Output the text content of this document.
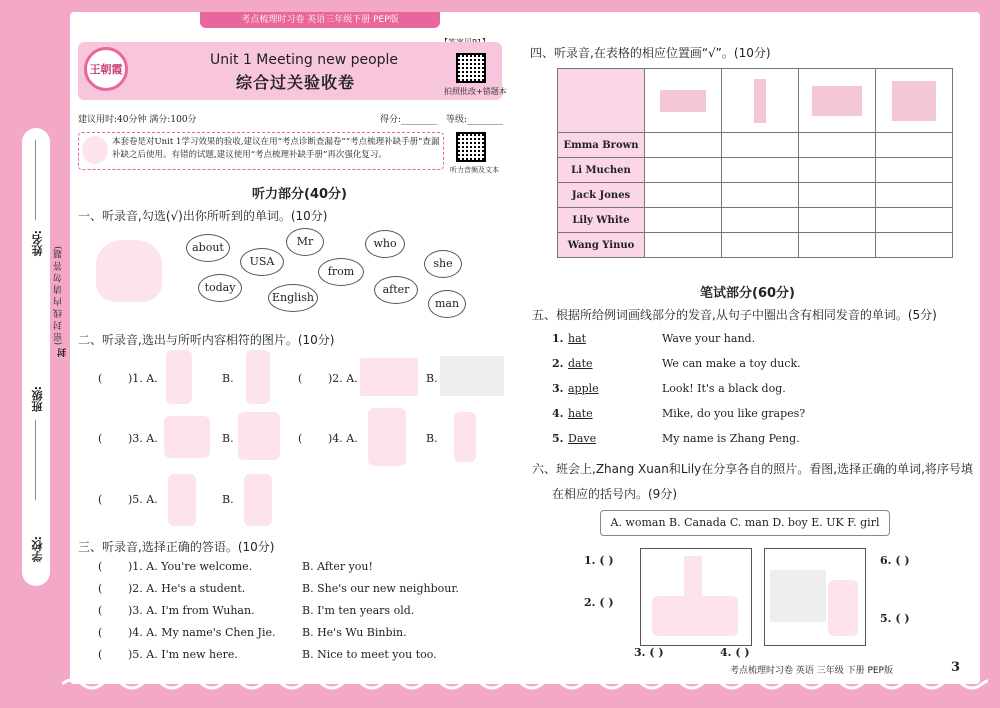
姓名:
(密 封 线 内 请 勿 答 题)
封
班级:
学校:
考点梳理时习卷 英语三年级下册 PEP版
王朝霞
Unit 1 Meeting new people
综合过关验收卷	拍照批改+错题本
建议用时:40分钟 满分:100分	得分:________ 等级:________
本套卷是对Unit 1学习效果的验收,建议在用“考点诊断查漏卷”“考点梳理补缺手册”查漏补缺之后使用。有错的试题,建议使用“考点梳理补缺手册”再次强化复习。
听力音频及文本
听力部分(40分)
一、听录音,勾选(√)出你所听到的单词。(10分)
about	Mr	who
USA	she
from
today	after
English	man
二、听录音,选出与所听内容相符的图片。(10分)
( )1. A.	B.	( )2. A.	B.
( )3. A.	B.	( )4. A.	B.
( )5. A.	B.
三、听录音,选择正确的答语。(10分)
( )1. A. You're welcome.	B. After you!
( )2. A. He's a student.	B. She's our new neighbour.
( )3. A. I'm from Wuhan.	B. I'm ten years old.
( )4. A. My name's Chen Jie. B. He's Wu Binbin.
( )5. A. I'm new here.	B. Nice to meet you too.
四、听录音,在表格的相应位置画“√”。(10分)

Emma Brown				
Li Muchen				
Jack Jones				
Lily White				
Wang Yinuo				
笔试部分(60分)
五、根据所给例词画线部分的发音,从句子中圈出含有相同发音的单词。(5分)
1. hat	Wave your hand.
2. date	We can make a toy duck.
3. apple	Look! It's a black dog.
4. hate	Mike, do you like grapes?
5. Dave	My name is Zhang Peng.
六、班会上,Zhang Xuan和Lily在分享各自的照片。看图,选择正确的单词,将序号填
在相应的括号内。(9分)
A. woman B. Canada C. man D. boy E. UK F. girl
1. ( )
2. ( )
3. ( )	4. ( )
5. ( )
6. ( )
考点梳理时习卷 英语 三年级 下册 PEP版	3
